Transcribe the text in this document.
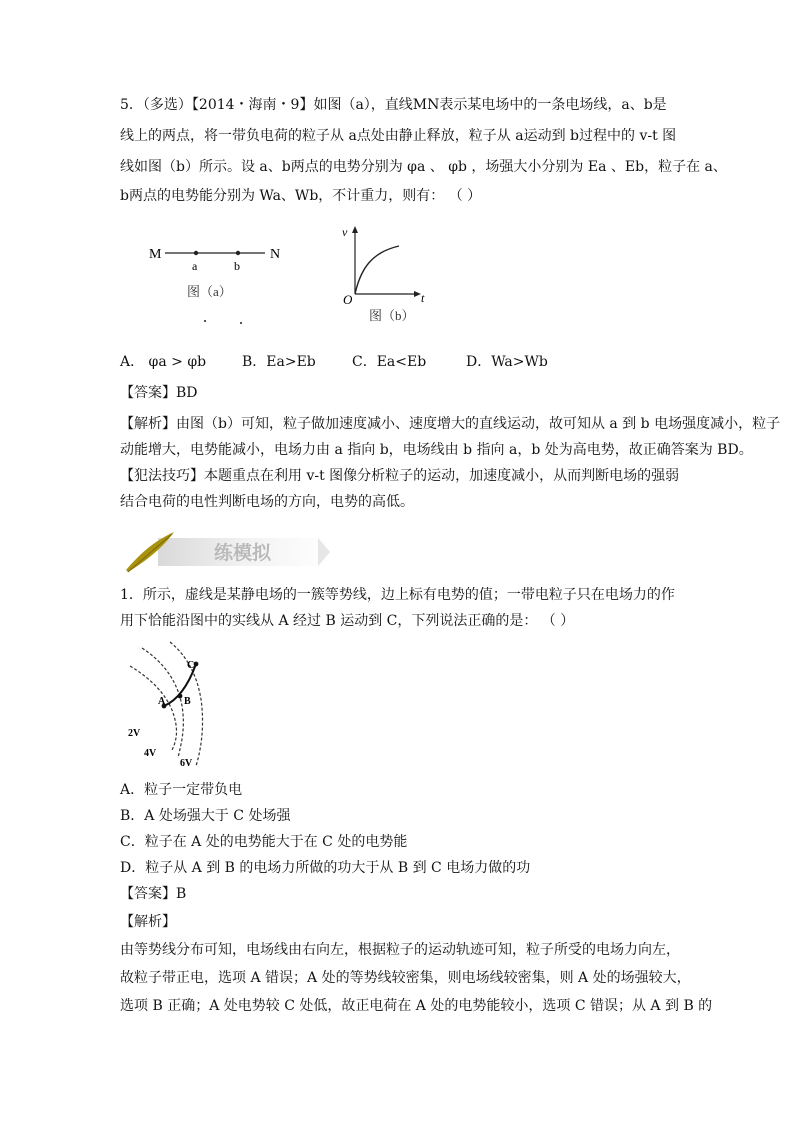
5．（多选）【2014・海南・9】如图（a），直线MN表示某电场中的一条电场线，a、b是
线上的两点，将一带负电荷的粒子从 a点处由静止释放，粒子从 a运动到 b过程中的 v-t 图
线如图（b）所示。设 a、b两点的电势分别为 φa 、 φb ，场强大小分别为 Ea 、Eb，粒子在 a、
b两点的电势能分别为 Wa、Wb，不计重力，则有： （ ）
M	N
a	b
图（a）
v
t
O
图（b）
A． φa > φb	B．Ea>Eb	C．Ea<Eb	D．Wa>Wb
【答案】BD
【解析】由图（b）可知，粒子做加速度减小、速度增大的直线运动，故可知从 a 到 b 电场强度减小，粒子
动能增大，电势能减小，电场力由 a 指向 b，电场线由 b 指向 a，b 处为高电势，故正确答案为 BD。
【犯法技巧】本题重点在利用 v-t 图像分析粒子的运动，加速度减小，从而判断电场的强弱
结合电荷的电性判断电场的方向，电势的高低。
练模拟
1．所示，虚线是某静电场的一簇等势线，边上标有电势的值；一带电粒子只在电场力的作
用下恰能沿图中的实线从 A 经过 B 运动到 C，下列说法正确的是： （ ）
A B
C
2V
4V
6V
A．粒子一定带负电
B．A 处场强大于 C 处场强
C．粒子在 A 处的电势能大于在 C 处的电势能
D．粒子从 A 到 B 的电场力所做的功大于从 B 到 C 电场力做的功
【答案】B
【解析】
由等势线分布可知，电场线由右向左，根据粒子的运动轨迹可知，粒子所受的电场力向左，
故粒子带正电，选项 A 错误；A 处的等势线较密集，则电场线较密集，则 A 处的场强较大，
选项 B 正确；A 处电势较 C 处低，故正电荷在 A 处的电势能较小，选项 C 错误；从 A 到 B 的
